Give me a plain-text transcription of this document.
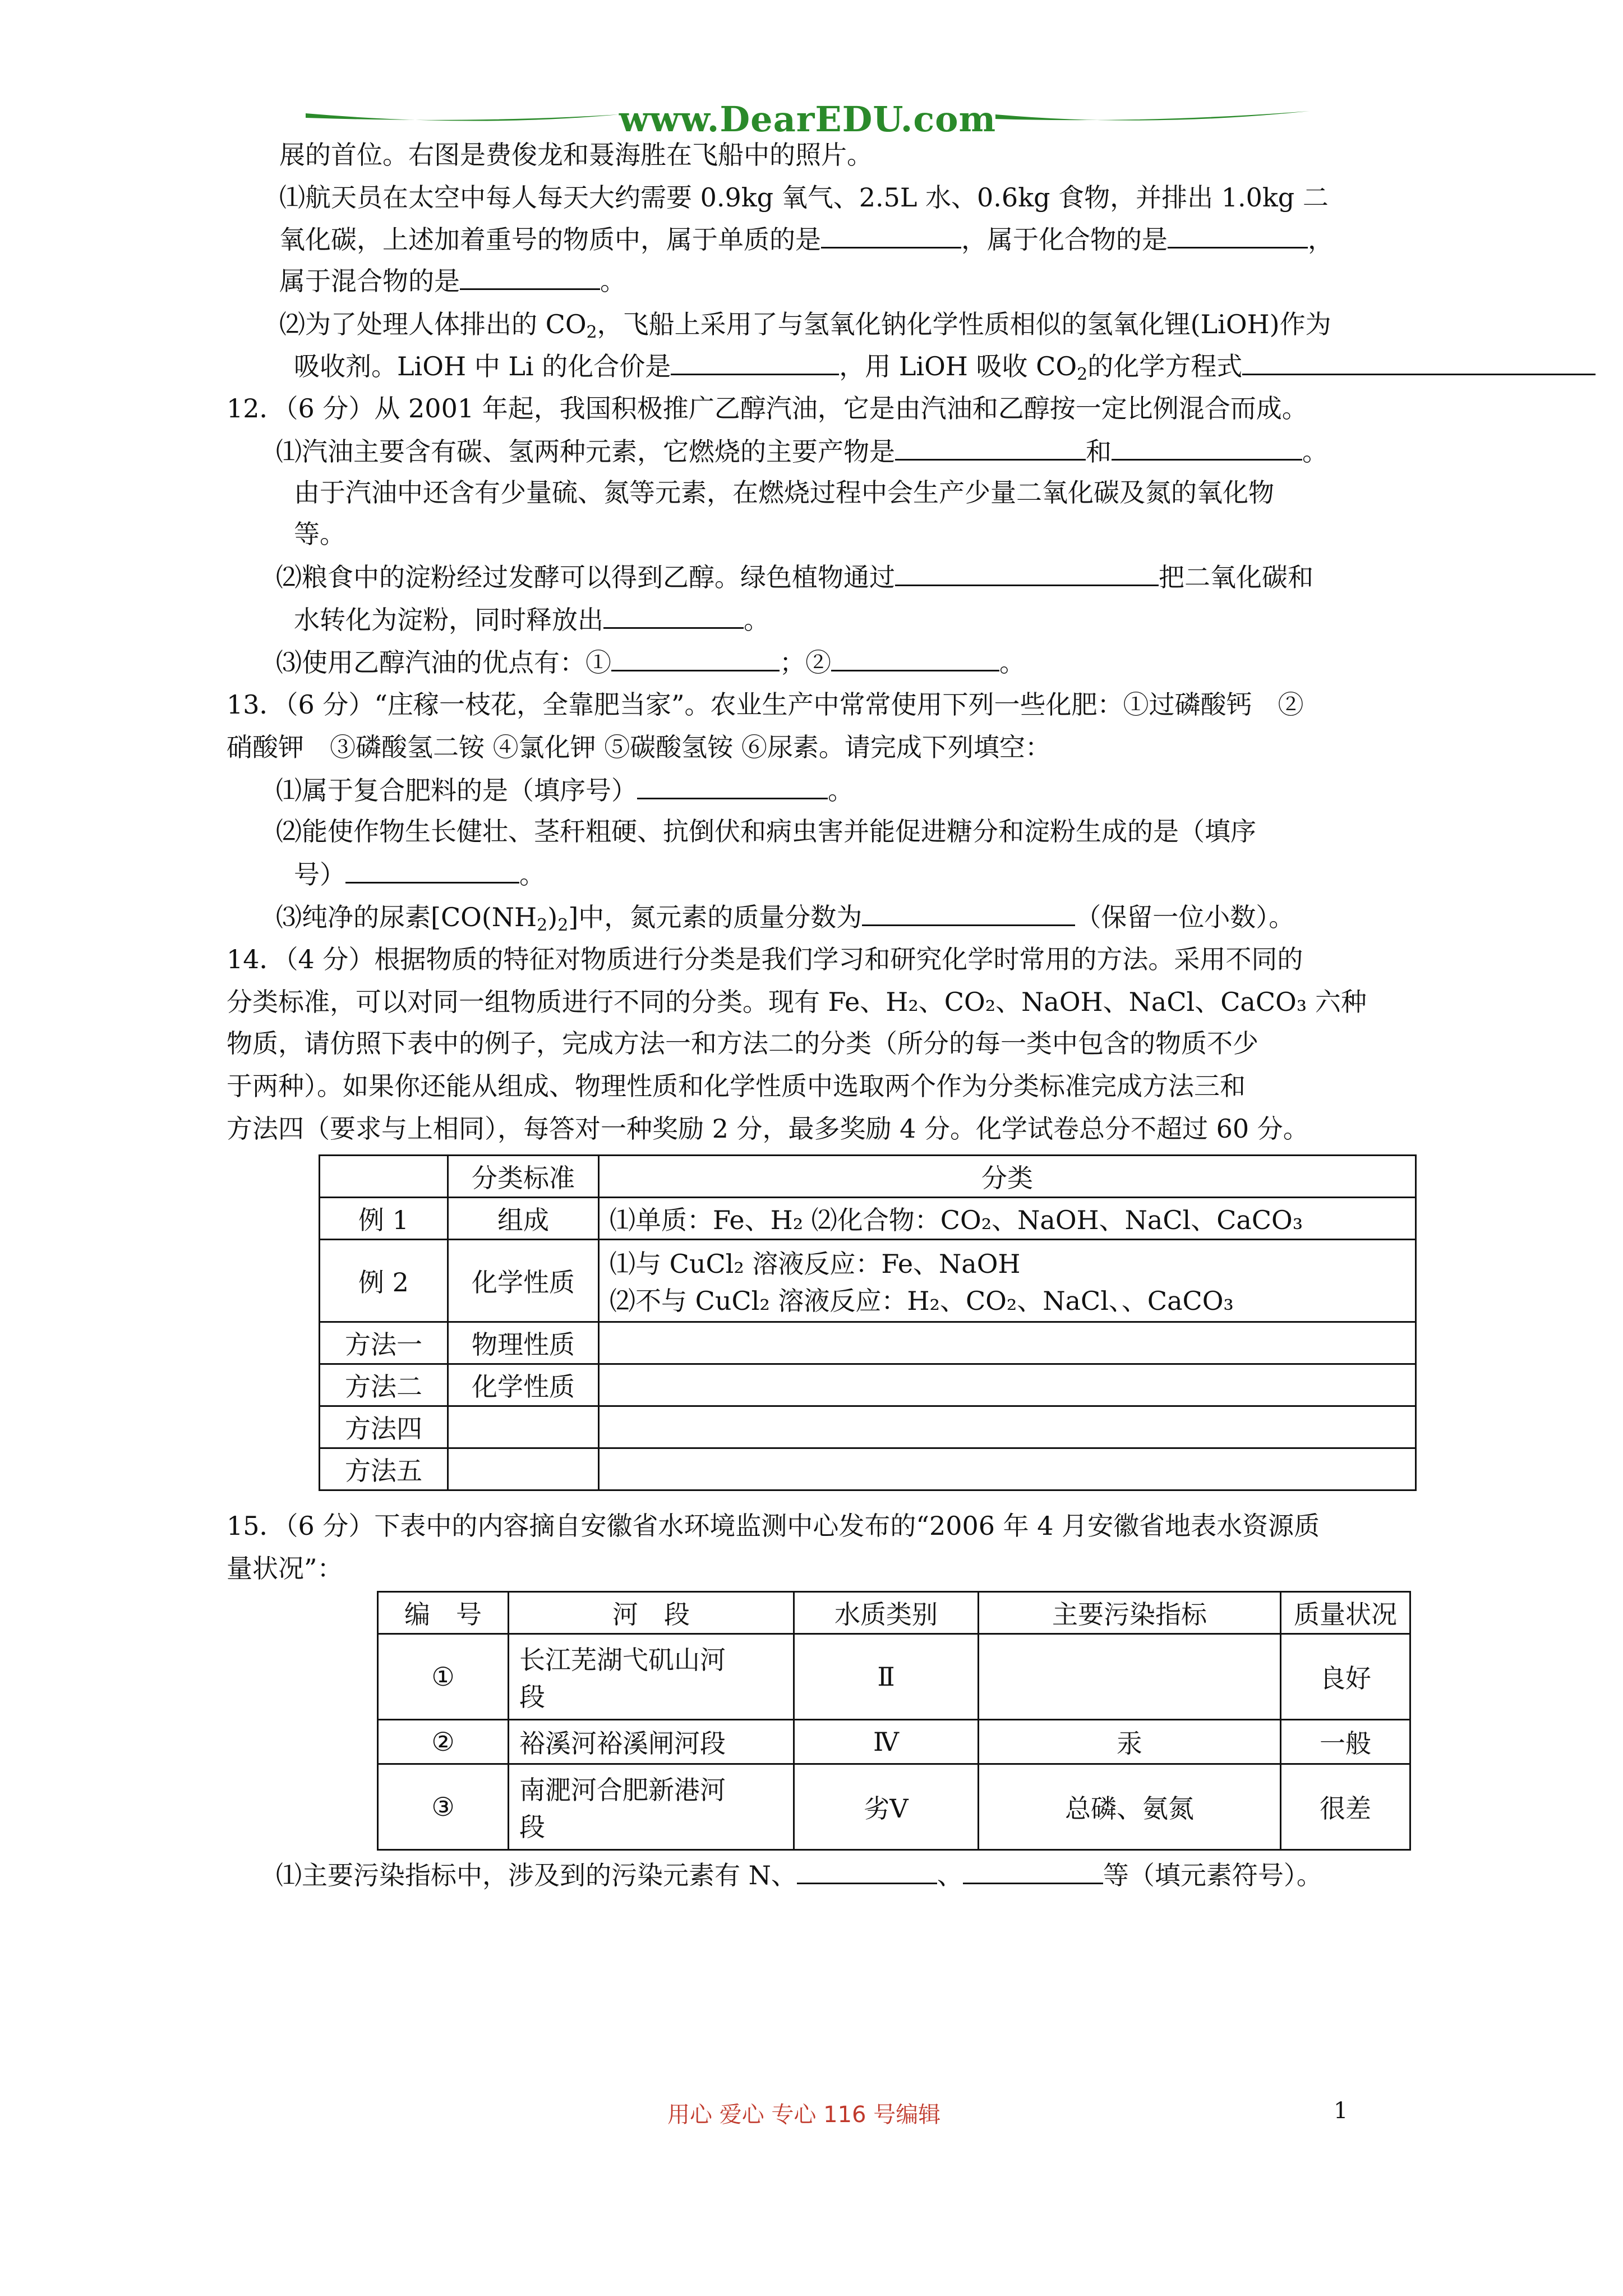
www.DearEDU.com
展的首位。右图是费俊龙和聂海胜在飞船中的照片。
⑴航天员在太空中每人每天大约需要 0.9kg 氧气、2.5L 水、0.6kg 食物，并排出 1.0kg 二
氧化碳，上述加着重号的物质中，属于单质的是	，属于化合物的是	，
属于混合物的是	。
⑵为了处理人体排出的 $CO_2$，飞船上采用了与氢氧化钠化学性质相似的氢氧化锂(LiOH)作为
吸收剂。LiOH 中 Li 的化合价是	，用 LiOH 吸收 $CO_2$的化学方程式
12．（6 分）从 2001 年起，我国积极推广乙醇汽油，它是由汽油和乙醇按一定比例混合而成。
⑴汽油主要含有碳、氢两种元素，它燃烧的主要产物是	和	。
由于汽油中还含有少量硫、氮等元素，在燃烧过程中会生产少量二氧化碳及氮的氧化物
等。
⑵粮食中的淀粉经过发酵可以得到乙醇。绿色植物通过	把二氧化碳和
水转化为淀粉，同时释放出	。
⑶使用乙醇汽油的优点有：①	；②	。
13．（6 分）“庄稼一枝花，全靠肥当家”。农业生产中常常使用下列一些化肥：①过磷酸钙　②
硝酸钾　③磷酸氢二铵 ④氯化钾 ⑤碳酸氢铵 ⑥尿素。请完成下列填空：
⑴属于复合肥料的是（填序号）	。
⑵能使作物生长健壮、茎秆粗硬、抗倒伏和病虫害并能促进糖分和淀粉生成的是（填序
号）	。
⑶纯净的尿素$[CO(NH_2)_2]$中，氮元素的质量分数为	（保留一位小数）。
14．（4 分）根据物质的特征对物质进行分类是我们学习和研究化学时常用的方法。采用不同的
分类标准，可以对同一组物质进行不同的分类。现有 Fe、H₂、CO₂、NaOH、NaCl、CaCO₃ 六种
物质，请仿照下表中的例子，完成方法一和方法二的分类（所分的每一类中包含的物质不少
于两种）。如果你还能从组成、物理性质和化学性质中选取两个作为分类标准完成方法三和
方法四（要求与上相同），每答对一种奖励 2 分，最多奖励 4 分。化学试卷总分不超过 60 分。
	分类标准	分类
例 1	组成	⑴单质：Fe、H₂ ⑵化合物：CO₂、NaOH、NaCl、CaCO₃
例 2	化学性质	⑴与 CuCl₂ 溶液反应：Fe、NaOH
⑵不与 CuCl₂ 溶液反应：H₂、CO₂、NaCl、、CaCO₃

方法一	物理性质	
方法二	化学性质	
方法四		
方法五		
15．（6 分）下表中的内容摘自安徽省水环境监测中心发布的“2006 年 4 月安徽省地表水资源质
量状况”：
编　号	河　段	水质类别	主要污染指标	质量状况
①	长江芜湖弋矶山河
段	Ⅱ		良好
②	裕溪河裕溪闸河段	Ⅳ	汞	一般
③	南淝河合肥新港河
段	劣Ⅴ	总磷、氨氮	很差
⑴主要污染指标中，涉及到的污染元素有 N、	、	等（填元素符号）。
用心 爱心 专心 116 号编辑	1
